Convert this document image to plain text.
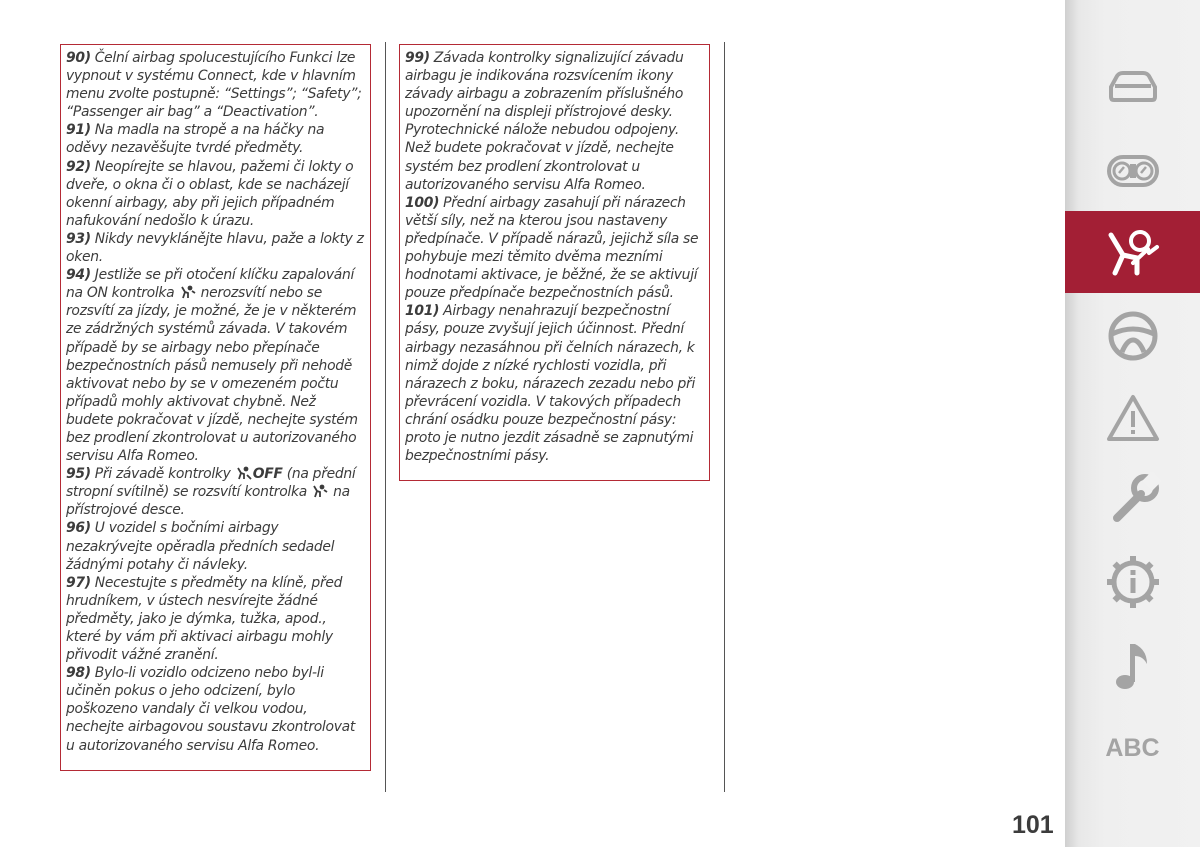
90) Čelní airbag spolucestujícího Funkci lze vypnout v systému Connect, kde v hlavním menu zvolte postupně: “Settings”; “Safety”; “Passenger air bag” a “Deactivation”.
91) Na madla na stropě a na háčky na oděvy nezavěšujte tvrdé předměty.
92) Neopírejte se hlavou, pažemi či lokty o dveře, o okna či o oblast, kde se nacházejí okenní airbagy, aby při jejich případném nafukování nedošlo k úrazu.
93) Nikdy nevyklánějte hlavu, paže a lokty z oken.
94) Jestliže se při otočení klíčku zapalování na ON kontrolka nerozsvítí nebo se rozsvítí za jízdy, je možné, že je v některém ze zádržných systémů závada. V takovém případě by se airbagy nebo přepínače bezpečnostních pásů nemusely při nehodě aktivovat nebo by se v omezeném počtu případů mohly aktivovat chybně. Než budete pokračovat v jízdě, nechejte systém bez prodlení zkontrolovat u autorizovaného servisu Alfa Romeo.
95) Při závadě kontrolky OFF (na přední stropní svítilně) se rozsvítí kontrolka na přístrojové desce.
96) U vozidel s bočními airbagy nezakrývejte opěradla předních sedadel žádnými potahy či návleky.
97) Necestujte s předměty na klíně, před hrudníkem, v ústech nesvírejte žádné předměty, jako je dýmka, tužka, apod., které by vám při aktivaci airbagu mohly přivodit vážné zranění.
98) Bylo-li vozidlo odcizeno nebo byl-li učiněn pokus o jeho odcizení, bylo poškozeno vandaly či velkou vodou, nechejte airbagovou soustavu zkontrolovat u autorizovaného servisu Alfa Romeo.
99) Závada kontrolky signalizující závadu airbagu je indikována rozsvícením ikony závady airbagu a zobrazením příslušného upozornění na displeji přístrojové desky. Pyrotechnické nálože nebudou odpojeny. Než budete pokračovat v jízdě, nechejte systém bez prodlení zkontrolovat u autorizovaného servisu Alfa Romeo.
100) Přední airbagy zasahují při nárazech větší síly, než na kterou jsou nastaveny předpínače. V případě nárazů, jejichž síla se pohybuje mezi těmito dvěma mezními hodnotami aktivace, je běžné, že se aktivují pouze předpínače bezpečnostních pásů.
101) Airbagy nenahrazují bezpečnostní pásy, pouze zvyšují jejich účinnost. Přední airbagy nezasáhnou při čelních nárazech, k nimž dojde z nízké rychlosti vozidla, při nárazech z boku, nárazech zezadu nebo při převrácení vozidla. V takových případech chrání osádku pouze bezpečnostní pásy: proto je nutno jezdit zásadně se zapnutými bezpečnostními pásy.
ABC
101
